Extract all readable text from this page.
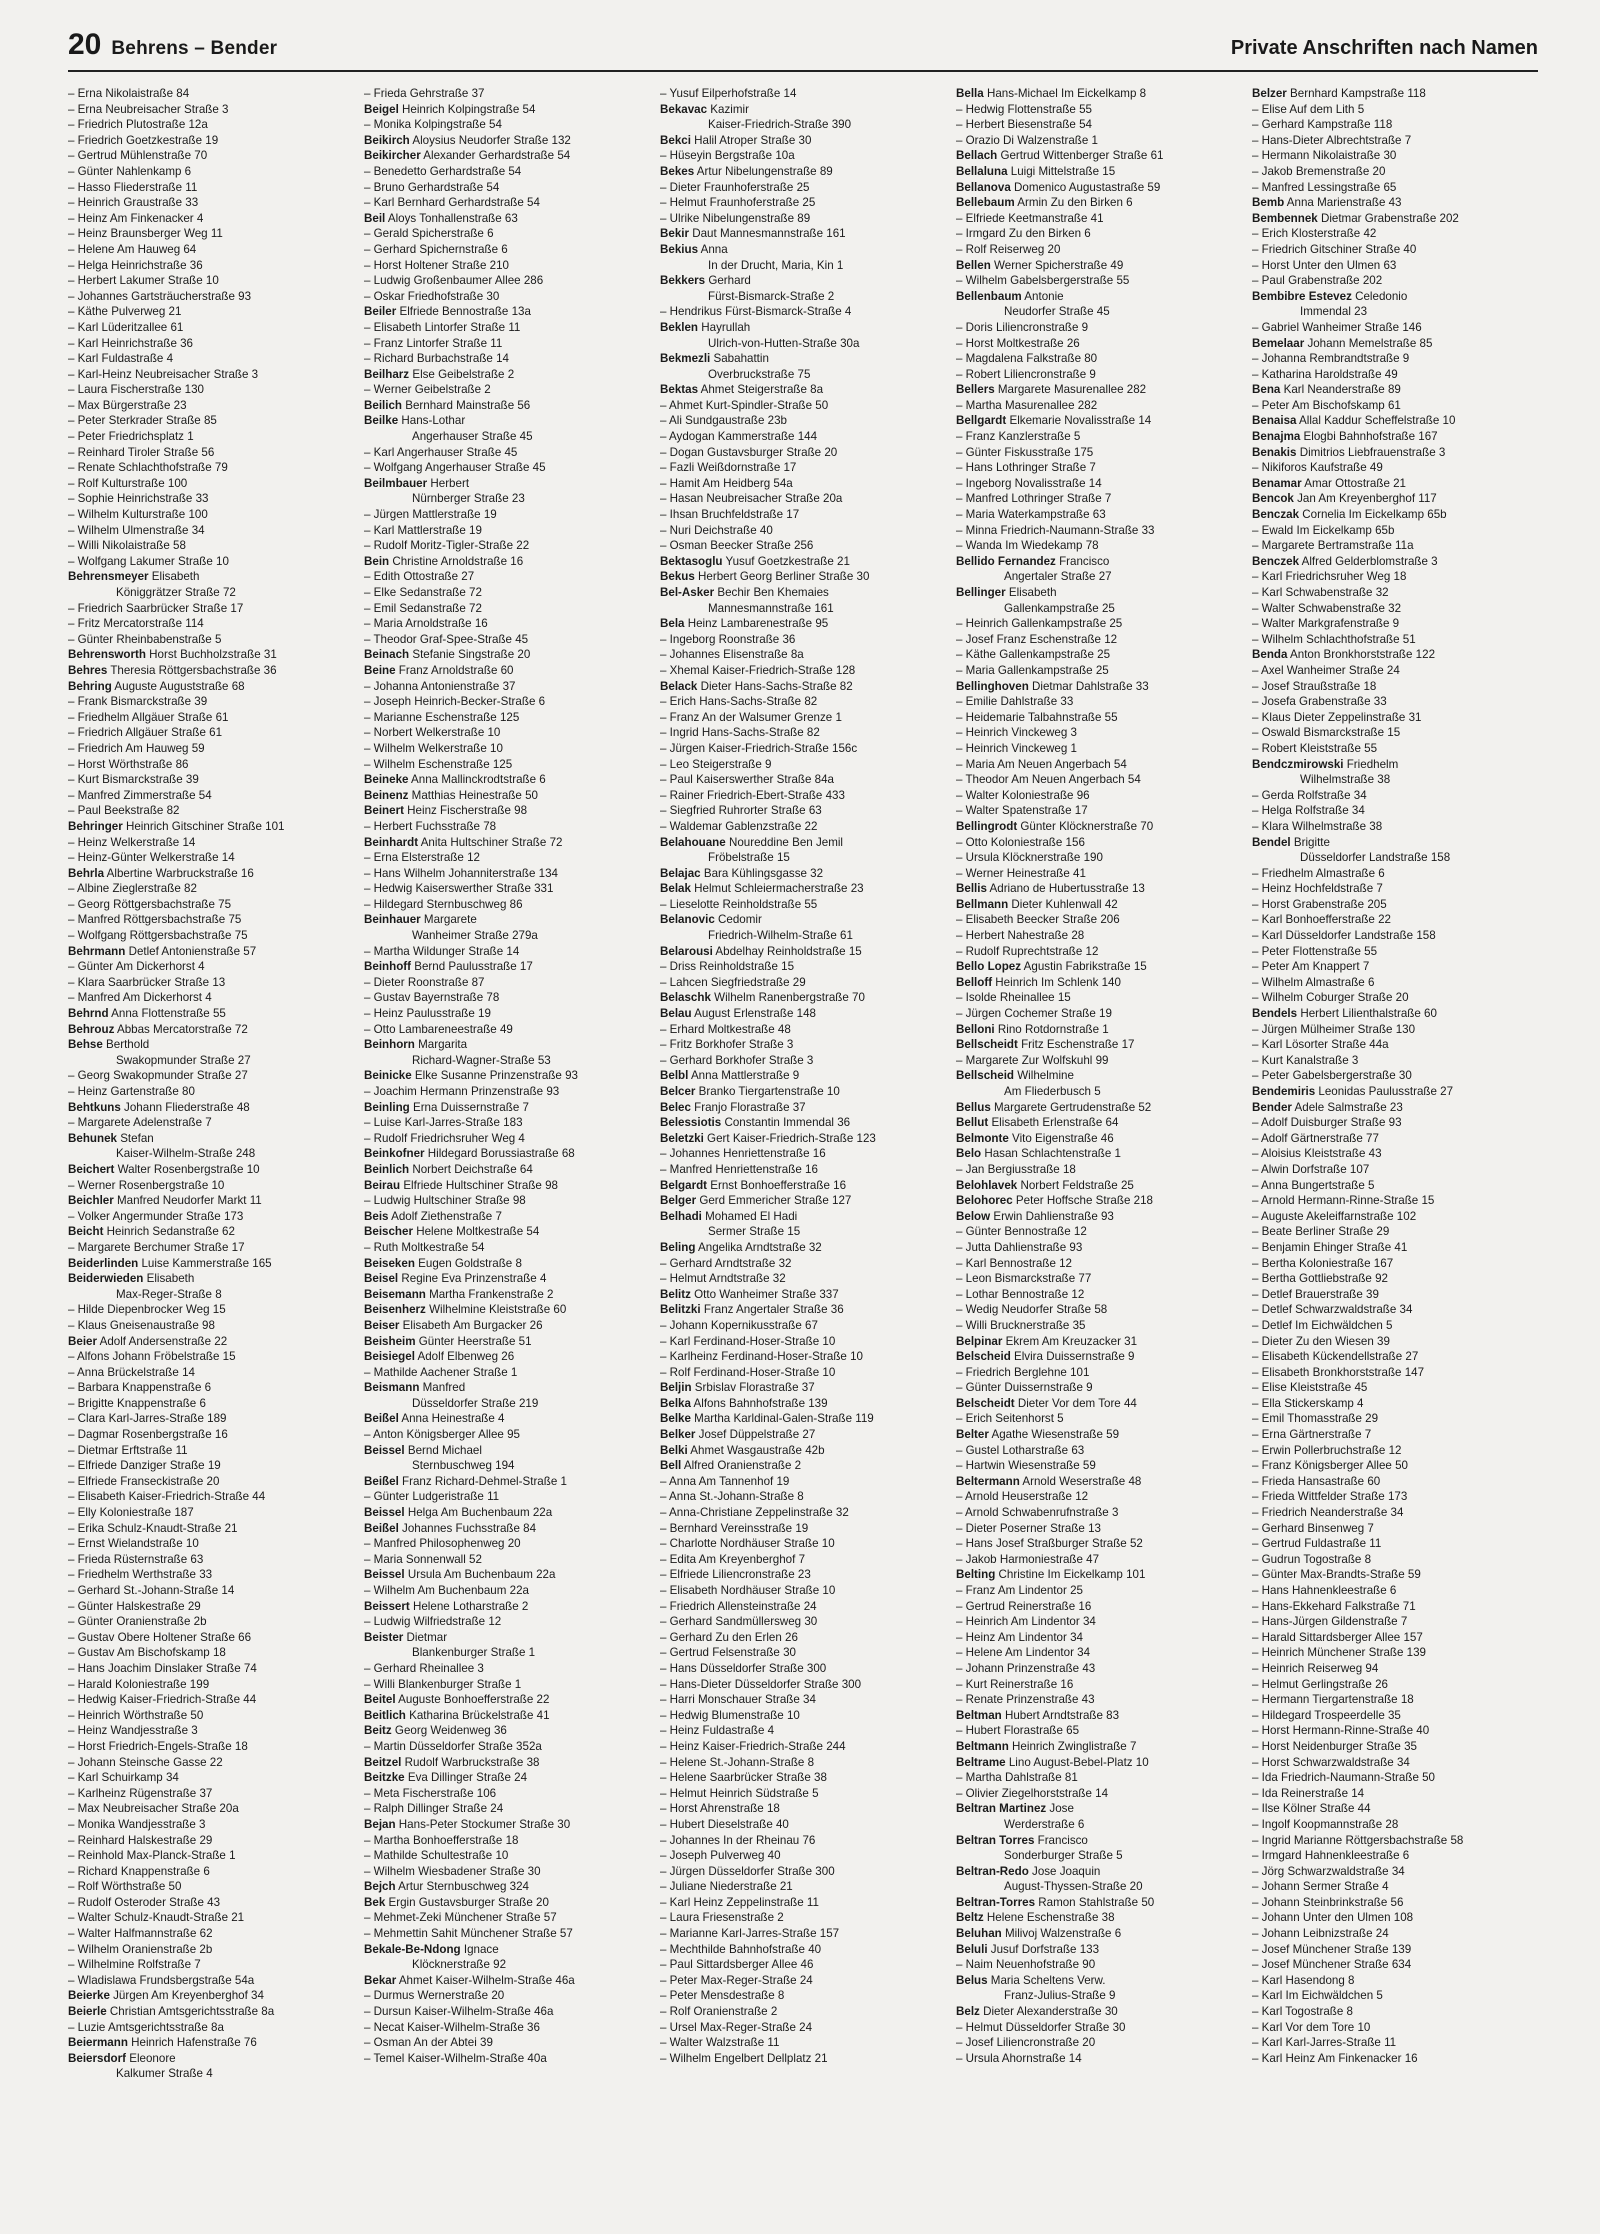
20 Behrens – Bender	Private Anschriften nach Namen
– Erna Nikolaistraße 84
– Erna Neubreisacher Straße 3
– Friedrich Plutostraße 12a
– Friedrich Goetzkestraße 19
– Gertrud Mühlenstraße 70
– Günter Nahlenkamp 6
– Hasso Fliederstraße 11
– Heinrich Graustraße 33
– Heinz Am Finkenacker 4
– Heinz Braunsberger Weg 11
– Helene Am Hauweg 64
– Helga Heinrichstraße 36
– Herbert Lakumer Straße 10
– Johannes Gartsträucherstraße 93
– Käthe Pulverweg 21
– Karl Lüderitzallee 61
– Karl Heinrichstraße 36
– Karl Fuldastraße 4
– Karl-Heinz Neubreisacher Straße 3
– Laura Fischerstraße 130
– Max Bürgerstraße 23
– Peter Sterkrader Straße 85
– Peter Friedrichsplatz 1
– Reinhard Tiroler Straße 56
– Renate Schlachthofstraße 79
– Rolf Kulturstraße 100
– Sophie Heinrichstraße 33
– Wilhelm Kulturstraße 100
– Wilhelm Ulmenstraße 34
– Willi Nikolaistraße 58
– Wolfgang Lakumer Straße 10
Behrensmeyer Elisabeth
Königgrätzer Straße 72
– Friedrich Saarbrücker Straße 17
– Fritz Mercatorstraße 114
– Günter Rheinbabenstraße 5
Behrensworth Horst Buchholzstraße 31
Behres Theresia Röttgersbachstraße 36
Behring Auguste Auguststraße 68
– Frank Bismarckstraße 39
– Friedhelm Allgäuer Straße 61
– Friedrich Allgäuer Straße 61
– Friedrich Am Hauweg 59
– Horst Wörthstraße 86
– Kurt Bismarckstraße 39
– Manfred Zimmerstraße 54
– Paul Beekstraße 82
Behringer Heinrich Gitschiner Straße 101
– Heinz Welkerstraße 14
– Heinz-Günter Welkerstraße 14
Behrla Albertine Warbruckstraße 16
– Albine Zieglerstraße 82
– Georg Röttgersbachstraße 75
– Manfred Röttgersbachstraße 75
– Wolfgang Röttgersbachstraße 75
Behrmann Detlef Antonienstraße 57
– Günter Am Dickerhorst 4
– Klara Saarbrücker Straße 13
– Manfred Am Dickerhorst 4
Behrnd Anna Flottenstraße 55
Behrouz Abbas Mercatorstraße 72
Behse Berthold
Swakopmunder Straße 27
– Georg Swakopmunder Straße 27
– Heinz Gartenstraße 80
Behtkuns Johann Fliederstraße 48
– Margarete Adelenstraße 7
Behunek Stefan
Kaiser-Wilhelm-Straße 248
Beichert Walter Rosenbergstraße 10
– Werner Rosenbergstraße 10
Beichler Manfred Neudorfer Markt 11
– Volker Angermunder Straße 173
Beicht Heinrich Sedanstraße 62
– Margarete Berchumer Straße 17
Beiderlinden Luise Kammerstraße 165
Beiderwieden Elisabeth
Max-Reger-Straße 8
– Hilde Diepenbrocker Weg 15
– Klaus Gneisenaustraße 98
Beier Adolf Andersenstraße 22
– Alfons Johann Fröbelstraße 15
– Anna Brückelstraße 14
– Barbara Knappenstraße 6
– Brigitte Knappenstraße 6
– Clara Karl-Jarres-Straße 189
– Dagmar Rosenbergstraße 16
– Dietmar Erftstraße 11
– Elfriede Danziger Straße 19
– Elfriede Franseckistraße 20
– Elisabeth Kaiser-Friedrich-Straße 44
– Elly Koloniestraße 187
– Erika Schulz-Knaudt-Straße 21
– Ernst Wielandstraße 10
– Frieda Rüsternstraße 63
– Friedhelm Werthstraße 33
– Gerhard St.-Johann-Straße 14
– Günter Halskestraße 29
– Günter Oranienstraße 2b
– Gustav Obere Holtener Straße 66
– Gustav Am Bischofskamp 18
– Hans Joachim Dinslaker Straße 74
– Harald Koloniestraße 199
– Hedwig Kaiser-Friedrich-Straße 44
– Heinrich Wörthstraße 50
– Heinz Wandjesstraße 3
– Horst Friedrich-Engels-Straße 18
– Johann Steinsche Gasse 22
– Karl Schuirkamp 34
– Karlheinz Rügenstraße 37
– Max Neubreisacher Straße 20a
– Monika Wandjesstraße 3
– Reinhard Halskestraße 29
– Reinhold Max-Planck-Straße 1
– Richard Knappenstraße 6
– Rolf Wörthstraße 50
– Rudolf Osteroder Straße 43
– Walter Schulz-Knaudt-Straße 21
– Walter Halfmannstraße 62
– Wilhelm Oranienstraße 2b
– Wilhelmine Rolfstraße 7
– Wladislawa Frundsbergstraße 54a
Beierke Jürgen Am Kreyenberghof 34
Beierle Christian Amtsgerichtsstraße 8a
– Luzie Amtsgerichtsstraße 8a
Beiermann Heinrich Hafenstraße 76
Beiersdorf Eleonore
Kalkumer Straße 4
– Frieda Gehrstraße 37
Beigel Heinrich Kolpingstraße 54
– Monika Kolpingstraße 54
Beikirch Aloysius Neudorfer Straße 132
Beikircher Alexander Gerhardstraße 54
– Benedetto Gerhardstraße 54
– Bruno Gerhardstraße 54
– Karl Bernhard Gerhardstraße 54
Beil Aloys Tonhallenstraße 63
– Gerald Spicherstraße 6
– Gerhard Spichernstraße 6
– Horst Holtener Straße 210
– Ludwig Großenbaumer Allee 286
– Oskar Friedhofstraße 30
Beiler Elfriede Bennostraße 13a
– Elisabeth Lintorfer Straße 11
– Franz Lintorfer Straße 11
– Richard Burbachstraße 14
Beilharz Else Geibelstraße 2
– Werner Geibelstraße 2
Beilich Bernhard Mainstraße 56
Beilke Hans-Lothar
Angerhauser Straße 45
– Karl Angerhauser Straße 45
– Wolfgang Angerhauser Straße 45
Beilmbauer Herbert
Nürnberger Straße 23
– Jürgen Mattlerstraße 19
– Karl Mattlerstraße 19
– Rudolf Moritz-Tigler-Straße 22
Bein Christine Arnoldstraße 16
– Edith Ottostraße 27
– Elke Sedanstraße 72
– Emil Sedanstraße 72
– Maria Arnoldstraße 16
– Theodor Graf-Spee-Straße 45
Beinach Stefanie Singstraße 20
Beine Franz Arnoldstraße 60
– Johanna Antonienstraße 37
– Joseph Heinrich-Becker-Straße 6
– Marianne Eschenstraße 125
– Norbert Welkerstraße 10
– Wilhelm Welkerstraße 10
– Wilhelm Eschenstraße 125
Beineke Anna Mallinckrodtstraße 6
Beinenz Matthias Heinestraße 50
Beinert Heinz Fischerstraße 98
– Herbert Fuchsstraße 78
Beinhardt Anita Hultschiner Straße 72
– Erna Elsterstraße 12
– Hans Wilhelm Johanniterstraße 134
– Hedwig Kaiserswerther Straße 331
– Hildegard Sternbuschweg 86
Beinhauer Margarete
Wanheimer Straße 279a
– Martha Wildunger Straße 14
Beinhoff Bernd Paulusstraße 17
– Dieter Roonstraße 87
– Gustav Bayernstraße 78
– Heinz Paulusstraße 19
– Otto Lambareneestraße 49
Beinhorn Margarita
Richard-Wagner-Straße 53
Beinicke Elke Susanne Prinzenstraße 93
– Joachim Hermann Prinzenstraße 93
Beinling Erna Duissernstraße 7
– Luise Karl-Jarres-Straße 183
– Rudolf Friedrichsruher Weg 4
Beinkofner Hildegard Borussiastraße 68
Beinlich Norbert Deichstraße 64
Beirau Elfriede Hultschiner Straße 98
– Ludwig Hultschiner Straße 98
Beis Adolf Ziethenstraße 7
Beischer Helene Moltkestraße 54
– Ruth Moltkestraße 54
Beiseken Eugen Goldstraße 8
Beisel Regine Eva Prinzenstraße 4
Beisemann Martha Frankenstraße 2
Beisenherz Wilhelmine Kleiststraße 60
Beiser Elisabeth Am Burgacker 26
Beisheim Günter Heerstraße 51
Beisiegel Adolf Elbenweg 26
– Mathilde Aachener Straße 1
Beismann Manfred
Düsseldorfer Straße 219
Beißel Anna Heinestraße 4
– Anton Königsberger Allee 95
Beissel Bernd Michael
Sternbuschweg 194
Beißel Franz Richard-Dehmel-Straße 1
– Günter Ludgeristraße 11
Beissel Helga Am Buchenbaum 22a
Beißel Johannes Fuchsstraße 84
– Manfred Philosophenweg 20
– Maria Sonnenwall 52
Beissel Ursula Am Buchenbaum 22a
– Wilhelm Am Buchenbaum 22a
Beissert Helene Lotharstraße 2
– Ludwig Wilfriedstraße 12
Beister Dietmar
Blankenburger Straße 1
– Gerhard Rheinallee 3
– Willi Blankenburger Straße 1
Beitel Auguste Bonhoefferstraße 22
Beitlich Katharina Brückelstraße 41
Beitz Georg Weidenweg 36
– Martin Düsseldorfer Straße 352a
Beitzel Rudolf Warbruckstraße 38
Beitzke Eva Dillinger Straße 24
– Meta Fischerstraße 106
– Ralph Dillinger Straße 24
Bejan Hans-Peter Stockumer Straße 30
– Martha Bonhoefferstraße 18
– Mathilde Schultestraße 10
– Wilhelm Wiesbadener Straße 30
Bejch Artur Sternbuschweg 324
Bek Ergin Gustavsburger Straße 20
– Mehmet-Zeki Münchener Straße 57
– Mehmettin Sahit Münchener Straße 57
Bekale-Be-Ndong Ignace
Klöcknerstraße 92
Bekar Ahmet Kaiser-Wilhelm-Straße 46a
– Durmus Wernerstraße 20
– Dursun Kaiser-Wilhelm-Straße 46a
– Necat Kaiser-Wilhelm-Straße 36
– Osman An der Abtei 39
– Temel Kaiser-Wilhelm-Straße 40a
– Yusuf Eilperhofstraße 14
Bekavac Kazimir
Kaiser-Friedrich-Straße 390
Bekci Halil Atroper Straße 30
– Hüseyin Bergstraße 10a
Bekes Artur Nibelungenstraße 89
– Dieter Fraunhoferstraße 25
– Helmut Fraunhoferstraße 25
– Ulrike Nibelungenstraße 89
Bekir Daut Mannesmannstraße 161
Bekius Anna
In der Drucht, Maria, Kin 1
Bekkers Gerhard
Fürst-Bismarck-Straße 2
– Hendrikus Fürst-Bismarck-Straße 4
Beklen Hayrullah
Ulrich-von-Hutten-Straße 30a
Bekmezli Sabahattin
Overbruckstraße 75
Bektas Ahmet Steigerstraße 8a
– Ahmet Kurt-Spindler-Straße 50
– Ali Sundgaustraße 23b
– Aydogan Kammerstraße 144
– Dogan Gustavsburger Straße 20
– Fazli Weißdornstraße 17
– Hamit Am Heidberg 54a
– Hasan Neubreisacher Straße 20a
– Ihsan Bruchfeldstraße 17
– Nuri Deichstraße 40
– Osman Beecker Straße 256
Bektasoglu Yusuf Goetzkestraße 21
Bekus Herbert Georg Berliner Straße 30
Bel-Asker Bechir Ben Khemaies
Mannesmannstraße 161
Bela Heinz Lambarenestraße 95
– Ingeborg Roonstraße 36
– Johannes Elisenstraße 8a
– Xhemal Kaiser-Friedrich-Straße 128
Belack Dieter Hans-Sachs-Straße 82
– Erich Hans-Sachs-Straße 82
– Franz An der Walsumer Grenze 1
– Ingrid Hans-Sachs-Straße 82
– Jürgen Kaiser-Friedrich-Straße 156c
– Leo Steigerstraße 9
– Paul Kaiserswerther Straße 84a
– Rainer Friedrich-Ebert-Straße 433
– Siegfried Ruhrorter Straße 63
– Waldemar Gablenzstraße 22
Belahouane Noureddine Ben Jemil
Fröbelstraße 15
Belajac Bara Kühlingsgasse 32
Belak Helmut Schleiermacherstraße 23
– Lieselotte Reinholdstraße 55
Belanovic Cedomir
Friedrich-Wilhelm-Straße 61
Belarousi Abdelhay Reinholdstraße 15
– Driss Reinholdstraße 15
– Lahcen Siegfriedstraße 29
Belaschk Wilhelm Ranenbergstraße 70
Belau August Erlenstraße 148
– Erhard Moltkestraße 48
– Fritz Borkhofer Straße 3
– Gerhard Borkhofer Straße 3
Belbl Anna Mattlerstraße 9
Belcer Branko Tiergartenstraße 10
Belec Franjo Florastraße 37
Belessiotis Constantin Immendal 36
Beletzki Gert Kaiser-Friedrich-Straße 123
– Johannes Henriettenstraße 16
– Manfred Henriettenstraße 16
Belgardt Ernst Bonhoefferstraße 16
Belger Gerd Emmericher Straße 127
Belhadi Mohamed El Hadi
Sermer Straße 15
Beling Angelika Arndtstraße 32
– Gerhard Arndtstraße 32
– Helmut Arndtstraße 32
Belitz Otto Wanheimer Straße 337
Belitzki Franz Angertaler Straße 36
– Johann Kopernikusstraße 67
– Karl Ferdinand-Hoser-Straße 10
– Karlheinz Ferdinand-Hoser-Straße 10
– Rolf Ferdinand-Hoser-Straße 10
Beljin Srbislav Florastraße 37
Belka Alfons Bahnhofstraße 139
Belke Martha Karldinal-Galen-Straße 119
Belker Josef Düppelstraße 27
Belki Ahmet Wasgaustraße 42b
Bell Alfred Oranienstraße 2
– Anna Am Tannenhof 19
– Anna St.-Johann-Straße 8
– Anna-Christiane Zeppelinstraße 32
– Bernhard Vereinsstraße 19
– Charlotte Nordhäuser Straße 10
– Edita Am Kreyenberghof 7
– Elfriede Liliencronstraße 23
– Elisabeth Nordhäuser Straße 10
– Friedrich Allensteinstraße 24
– Gerhard Sandmüllersweg 30
– Gerhard Zu den Erlen 26
– Gertrud Felsenstraße 30
– Hans Düsseldorfer Straße 300
– Hans-Dieter Düsseldorfer Straße 300
– Harri Monschauer Straße 34
– Hedwig Blumenstraße 10
– Heinz Fuldastraße 4
– Heinz Kaiser-Friedrich-Straße 244
– Helene St.-Johann-Straße 8
– Helene Saarbrücker Straße 38
– Helmut Heinrich Südstraße 5
– Horst Ahrenstraße 18
– Hubert Dieselstraße 40
– Johannes In der Rheinau 76
– Joseph Pulverweg 40
– Jürgen Düsseldorfer Straße 300
– Juliane Niederstraße 21
– Karl Heinz Zeppelinstraße 11
– Laura Friesenstraße 2
– Marianne Karl-Jarres-Straße 157
– Mechthilde Bahnhofstraße 40
– Paul Sittardsberger Allee 46
– Peter Max-Reger-Straße 24
– Peter Mensdestraße 8
– Rolf Oranienstraße 2
– Ursel Max-Reger-Straße 24
– Walter Walzstraße 11
– Wilhelm Engelbert Dellplatz 21
Bella Hans-Michael Im Eickelkamp 8
– Hedwig Flottenstraße 55
– Herbert Biesenstraße 54
– Orazio Di Walzenstraße 1
Bellach Gertrud Wittenberger Straße 61
Bellaluna Luigi Mittelstraße 15
Bellanova Domenico Augustastraße 59
Bellebaum Armin Zu den Birken 6
– Elfriede Keetmanstraße 41
– Irmgard Zu den Birken 6
– Rolf Reiserweg 20
Bellen Werner Spicherstraße 49
– Wilhelm Gabelsbergerstraße 55
Bellenbaum Antonie
Neudorfer Straße 45
– Doris Liliencronstraße 9
– Horst Moltkestraße 26
– Magdalena Falkstraße 80
– Robert Liliencronstraße 9
Bellers Margarete Masurenallee 282
– Martha Masurenallee 282
Bellgardt Elkemarie Novalisstraße 14
– Franz Kanzlerstraße 5
– Günter Fiskusstraße 175
– Hans Lothringer Straße 7
– Ingeborg Novalisstraße 14
– Manfred Lothringer Straße 7
– Maria Waterkampstraße 63
– Minna Friedrich-Naumann-Straße 33
– Wanda Im Wiedekamp 78
Bellido Fernandez Francisco
Angertaler Straße 27
Bellinger Elisabeth
Gallenkampstraße 25
– Heinrich Gallenkampstraße 25
– Josef Franz Eschenstraße 12
– Käthe Gallenkampstraße 25
– Maria Gallenkampstraße 25
Bellinghoven Dietmar Dahlstraße 33
– Emilie Dahlstraße 33
– Heidemarie Talbahnstraße 55
– Heinrich Vinckeweg 3
– Heinrich Vinckeweg 1
– Maria Am Neuen Angerbach 54
– Theodor Am Neuen Angerbach 54
– Walter Koloniestraße 96
– Walter Spatenstraße 17
Bellingrodt Günter Klöcknerstraße 70
– Otto Koloniestraße 156
– Ursula Klöcknerstraße 190
– Werner Heinestraße 41
Bellis Adriano de Hubertusstraße 13
Bellmann Dieter Kuhlenwall 42
– Elisabeth Beecker Straße 206
– Herbert Nahestraße 28
– Rudolf Ruprechtstraße 12
Bello Lopez Agustin Fabrikstraße 15
Belloff Heinrich Im Schlenk 140
– Isolde Rheinallee 15
– Jürgen Cochemer Straße 19
Belloni Rino Rotdornstraße 1
Bellscheidt Fritz Eschenstraße 17
– Margarete Zur Wolfskuhl 99
Bellscheid Wilhelmine
Am Fliederbusch 5
Bellus Margarete Gertrudenstraße 52
Bellut Elisabeth Erlenstraße 64
Belmonte Vito Eigenstraße 46
Belo Hasan Schlachtenstraße 1
– Jan Bergiusstraße 18
Belohlavek Norbert Feldstraße 25
Belohorec Peter Hoffsche Straße 218
Below Erwin Dahlienstraße 93
– Günter Bennostraße 12
– Jutta Dahlienstraße 93
– Karl Bennostraße 12
– Leon Bismarckstraße 77
– Lothar Bennostraße 12
– Wedig Neudorfer Straße 58
– Willi Brucknerstraße 35
Belpinar Ekrem Am Kreuzacker 31
Belscheid Elvira Duissernstraße 9
– Friedrich Berglehne 101
– Günter Duissernstraße 9
Belscheidt Dieter Vor dem Tore 44
– Erich Seitenhorst 5
Belter Agathe Wiesenstraße 59
– Gustel Lotharstraße 63
– Hartwin Wiesenstraße 59
Beltermann Arnold Weserstraße 48
– Arnold Heuserstraße 12
– Arnold Schwabenrufnstraße 3
– Dieter Poserner Straße 13
– Hans Josef Straßburger Straße 52
– Jakob Harmoniestraße 47
Belting Christine Im Eickelkamp 101
– Franz Am Lindentor 25
– Gertrud Reinerstraße 16
– Heinrich Am Lindentor 34
– Heinz Am Lindentor 34
– Helene Am Lindentor 34
– Johann Prinzenstraße 43
– Kurt Reinerstraße 16
– Renate Prinzenstraße 43
Beltman Hubert Arndtstraße 83
– Hubert Florastraße 65
Beltmann Heinrich Zwinglistraße 7
Beltrame Lino August-Bebel-Platz 10
– Martha Dahlstraße 81
– Olivier Ziegelhorststraße 14
Beltran Martinez Jose
Werderstraße 6
Beltran Torres Francisco
Sonderburger Straße 5
Beltran-Redo Jose Joaquin
August-Thyssen-Straße 20
Beltran-Torres Ramon Stahlstraße 50
Beltz Helene Eschenstraße 38
Beluhan Milivoj Walzenstraße 6
Beluli Jusuf Dorfstraße 133
– Naim Neuenhofstraße 90
Belus Maria Scheltens Verw.
Franz-Julius-Straße 9
Belz Dieter Alexanderstraße 30
– Helmut Düsseldorfer Straße 30
– Josef Liliencronstraße 20
– Ursula Ahornstraße 14
Belzer Bernhard Kampstraße 118
– Elise Auf dem Lith 5
– Gerhard Kampstraße 118
– Hans-Dieter Albrechtstraße 7
– Hermann Nikolaistraße 30
– Jakob Bremenstraße 20
– Manfred Lessingstraße 65
Bemb Anna Marienstraße 43
Bembennek Dietmar Grabenstraße 202
– Erich Klosterstraße 42
– Friedrich Gitschiner Straße 40
– Horst Unter den Ulmen 63
– Paul Grabenstraße 202
Bembibre Estevez Celedonio
Immendal 23
– Gabriel Wanheimer Straße 146
Bemelaar Johann Memelstraße 85
– Johanna Rembrandtstraße 9
– Katharina Haroldstraße 49
Bena Karl Neanderstraße 89
– Peter Am Bischofskamp 61
Benaisa Allal Kaddur Scheffelstraße 10
Benajma Elogbi Bahnhofstraße 167
Benakis Dimitrios Liebfrauenstraße 3
– Nikiforos Kaufstraße 49
Benamar Amar Ottostraße 21
Bencok Jan Am Kreyenberghof 117
Benczak Cornelia Im Eickelkamp 65b
– Ewald Im Eickelkamp 65b
– Margarete Bertramstraße 11a
Benczek Alfred Gelderblomstraße 3
– Karl Friedrichsruher Weg 18
– Karl Schwabenstraße 32
– Walter Schwabenstraße 32
– Walter Markgrafenstraße 9
– Wilhelm Schlachthofstraße 51
Benda Anton Bronkhorststraße 122
– Axel Wanheimer Straße 24
– Josef Straußstraße 18
– Josefa Grabenstraße 33
– Klaus Dieter Zeppelinstraße 31
– Oswald Bismarckstraße 15
– Robert Kleiststraße 55
Bendczmirowski Friedhelm
Wilhelmstraße 38
– Gerda Rolfstraße 34
– Helga Rolfstraße 34
– Klara Wilhelmstraße 38
Bendel Brigitte
Düsseldorfer Landstraße 158
– Friedhelm Almastraße 6
– Heinz Hochfeldstraße 7
– Horst Grabenstraße 205
– Karl Bonhoefferstraße 22
– Karl Düsseldorfer Landstraße 158
– Peter Flottenstraße 55
– Peter Am Knappert 7
– Wilhelm Almastraße 6
– Wilhelm Coburger Straße 20
Bendels Herbert Lilienthalstraße 60
– Jürgen Mülheimer Straße 130
– Karl Lösorter Straße 44a
– Kurt Kanalstraße 3
– Peter Gabelsbergerstraße 30
Bendemiris Leonidas Paulusstraße 27
Bender Adele Salmstraße 23
– Adolf Duisburger Straße 93
– Adolf Gärtnerstraße 77
– Aloisius Kleiststraße 43
– Alwin Dorfstraße 107
– Anna Bungertstraße 5
– Arnold Hermann-Rinne-Straße 15
– Auguste Akeleiffarnstraße 102
– Beate Berliner Straße 29
– Benjamin Ehinger Straße 41
– Bertha Koloniestraße 167
– Bertha Gottliebstraße 92
– Detlef Brauerstraße 39
– Detlef Schwarzwaldstraße 34
– Detlef Im Eichwäldchen 5
– Dieter Zu den Wiesen 39
– Elisabeth Kückendellstraße 27
– Elisabeth Bronkhorststraße 147
– Elise Kleiststraße 45
– Ella Stickerskamp 4
– Emil Thomasstraße 29
– Erna Gärtnerstraße 7
– Erwin Pollerbruchstraße 12
– Franz Königsberger Allee 50
– Frieda Hansastraße 60
– Frieda Wittfelder Straße 173
– Friedrich Neanderstraße 34
– Gerhard Binsenweg 7
– Gertrud Fuldastraße 11
– Gudrun Togostraße 8
– Günter Max-Brandts-Straße 59
– Hans Hahnenkleestraße 6
– Hans-Ekkehard Falkstraße 71
– Hans-Jürgen Gildenstraße 7
– Harald Sittardsberger Allee 157
– Heinrich Münchener Straße 139
– Heinrich Reiserweg 94
– Helmut Gerlingstraße 26
– Hermann Tiergartenstraße 18
– Hildegard Trospeerdelle 35
– Horst Hermann-Rinne-Straße 40
– Horst Neidenburger Straße 35
– Horst Schwarzwaldstraße 34
– Ida Friedrich-Naumann-Straße 50
– Ida Reinerstraße 14
– Ilse Kölner Straße 44
– Ingolf Koopmannstraße 28
– Ingrid Marianne Röttgersbachstraße 58
– Irmgard Hahnenkleestraße 6
– Jörg Schwarzwaldstraße 34
– Johann Sermer Straße 4
– Johann Steinbrinkstraße 56
– Johann Unter den Ulmen 108
– Johann Leibnizstraße 24
– Josef Münchener Straße 139
– Josef Münchener Straße 634
– Karl Hasendong 8
– Karl Im Eichwäldchen 5
– Karl Togostraße 8
– Karl Vor dem Tore 10
– Karl Karl-Jarres-Straße 11
– Karl Heinz Am Finkenacker 16
